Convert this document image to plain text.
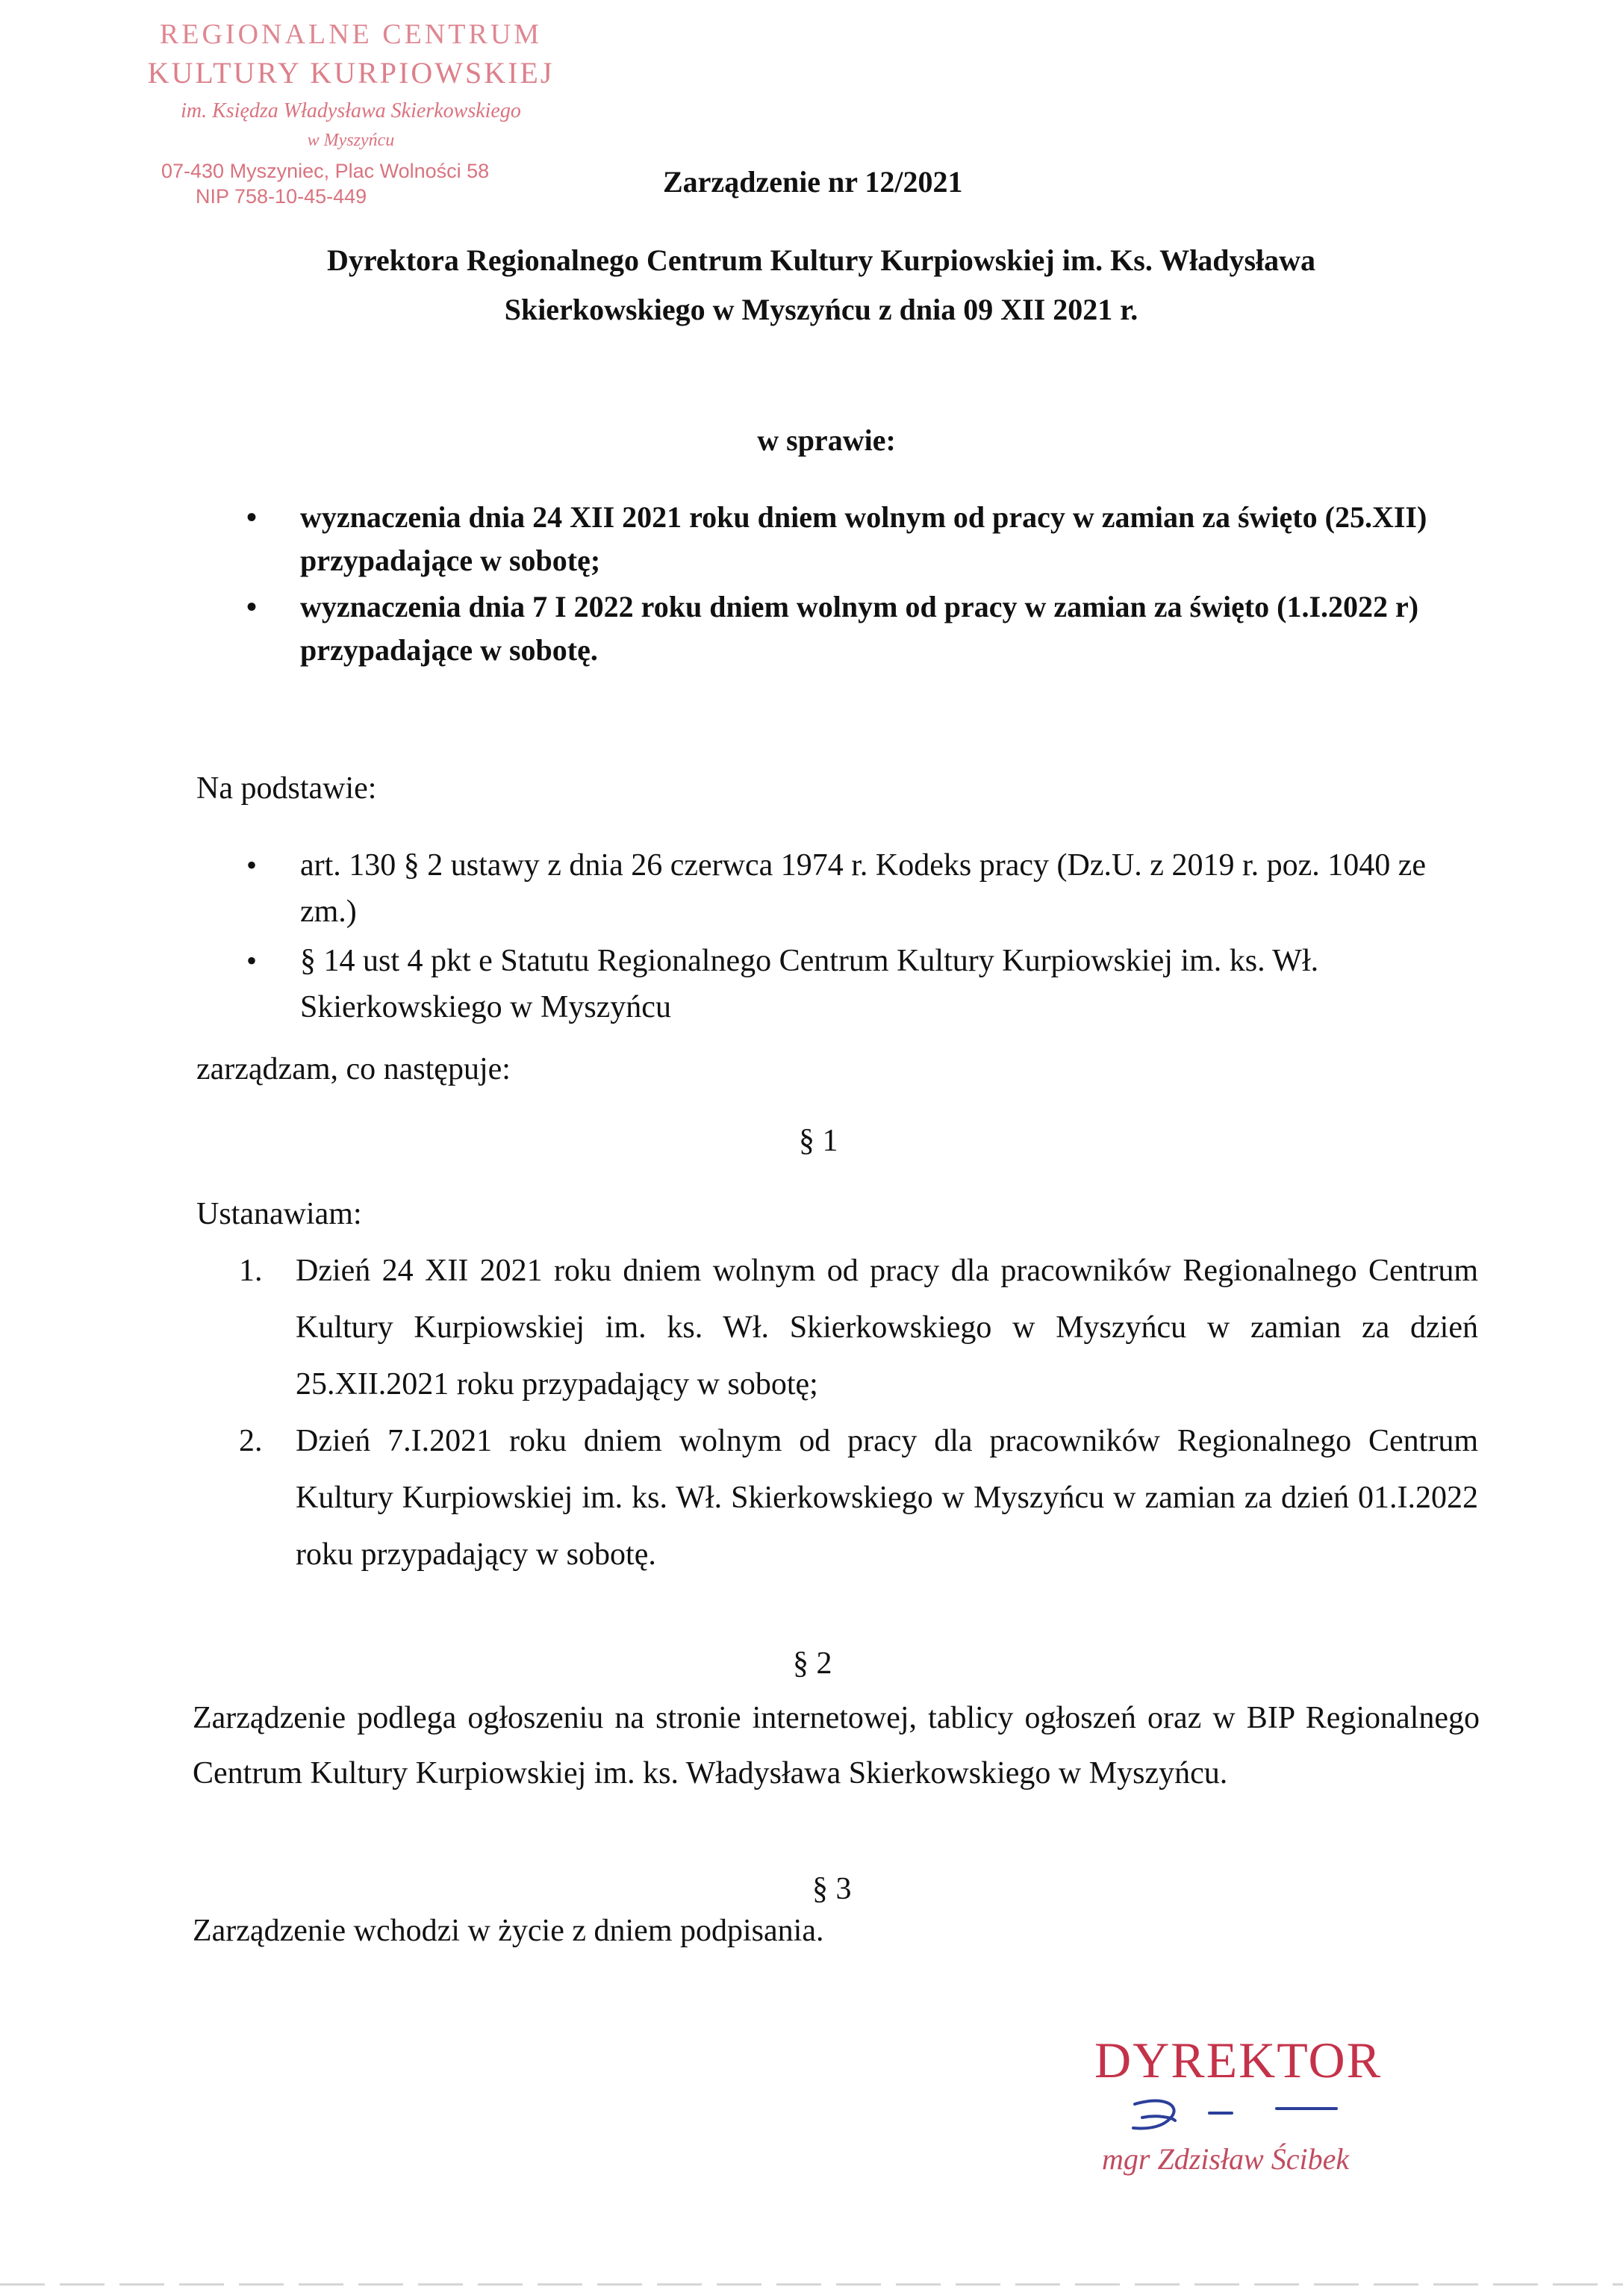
REGIONALNE CENTRUM
KULTURY KURPIOWSKIEJ
im. Księdza Władysława Skierkowskiego
w Myszyńcu
07-430 Myszyniec, Plac Wolności 58
NIP 758-10-45-449	Zarządzenie nr 12/2021
Dyrektora Regionalnego Centrum Kultury Kurpiowskiej im. Ks. Władysława
Skierkowskiego w Myszyńcu z dnia 09 XII 2021 r.
w sprawie:
• wyznaczenia dnia 24 XII 2021 roku dniem wolnym od pracy w zamian za święto (25.XII) przypadające w sobotę;
• wyznaczenia dnia 7 I 2022 roku dniem wolnym od pracy w zamian za święto (1.I.2022 r) przypadające w sobotę.
Na podstawie:
• art. 130 § 2 ustawy z dnia 26 czerwca 1974 r. Kodeks pracy (Dz.U. z 2019 r. poz. 1040 ze zm.)
• § 14 ust 4 pkt e Statutu Regionalnego Centrum Kultury Kurpiowskiej im. ks. Wł. Skierkowskiego w Myszyńcu
zarządzam, co następuje:
§ 1
Ustanawiam:
1. Dzień 24 XII 2021 roku dniem wolnym od pracy dla pracowników Regionalnego Centrum Kultury Kurpiowskiej im. ks. Wł. Skierkowskiego w Myszyńcu w zamian za dzień 25.XII.2021 roku przypadający w sobotę;
2. Dzień 7.I.2021 roku dniem wolnym od pracy dla pracowników Regionalnego Centrum Kultury Kurpiowskiej im. ks. Wł. Skierkowskiego w Myszyńcu w zamian za dzień 01.I.2022 roku przypadający w sobotę.
§ 2
Zarządzenie podlega ogłoszeniu na stronie internetowej, tablicy ogłoszeń oraz w BIP Regionalnego Centrum Kultury Kurpiowskiej im. ks. Władysława Skierkowskiego w Myszyńcu.
§ 3
Zarządzenie wchodzi w życie z dniem podpisania.
DYREKTOR
mgr Zdzisław Ścibek
